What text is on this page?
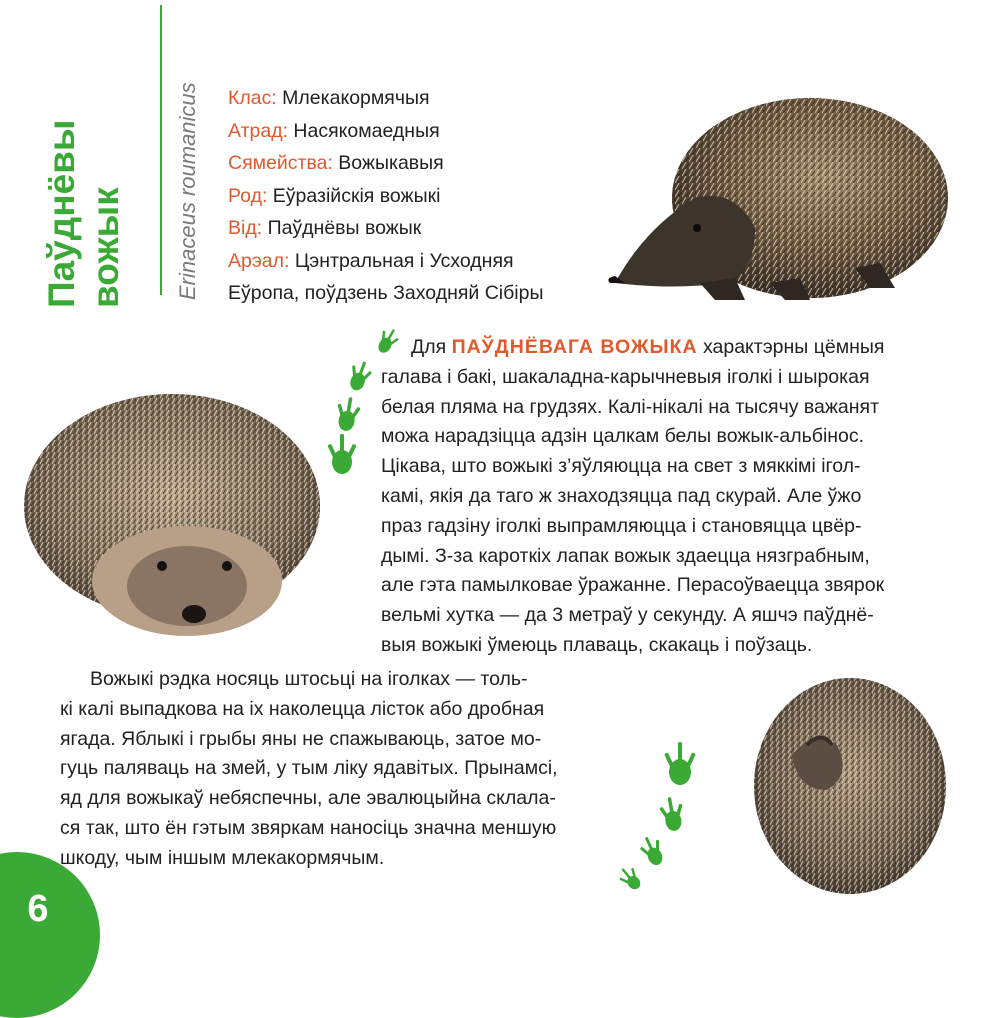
Паўднёвы вожык	Erinaceus roumanicus	Клас: Млекакормячыя
Атрад: Насякомаедныя
Сямейства: Вожыкавыя
Род: Еўразійскія вожыкі
Від: Паўднёвы вожык
Арэал: Цэнтральная і Усходняя
Еўропа, поўдзень Заходняй Сібіры
Для ПАЎДНЁВАГА ВОЖЫКА характэрны цёмныя
галава і бакі, шакаладна-карычневыя іголкі і шырокая
белая пляма на грудзях. Калі-нікалі на тысячу важанят
можа нарадзіцца адзін цалкам белы вожык-альбінос.
Цікава, што вожыкі з’яўляюцца на свет з мяккімі ігол-
камі, якія да таго ж знаходзяцца пад скурай. Але ўжо
праз гадзіну іголкі выпрамляюцца і становяцца цвёр-
дымі. З-за кароткіх лапак вожык здаецца нязграбным,
але гэта памылковае ўражанне. Перасоўваецца звярок
вельмі хутка — да 3 метраў у секунду. А яшчэ паўднё-
выя вожыкі ўмеюць плаваць, скакаць і поўзаць.
Вожыкі рэдка носяць штосьці на іголках — толь-
кі калі выпадкова на іх наколецца лісток або дробная
ягада. Яблыкі і грыбы яны не спажываюць, затое мо-
гуць паляваць на змей, у тым ліку ядавітых. Прынамсі,
яд для вожыкаў небяспечны, але эвалюцыйна склала-
ся так, што ён гэтым звяркам наносіць значна меншую
шкоду, чым іншым млекакормячым.
6
